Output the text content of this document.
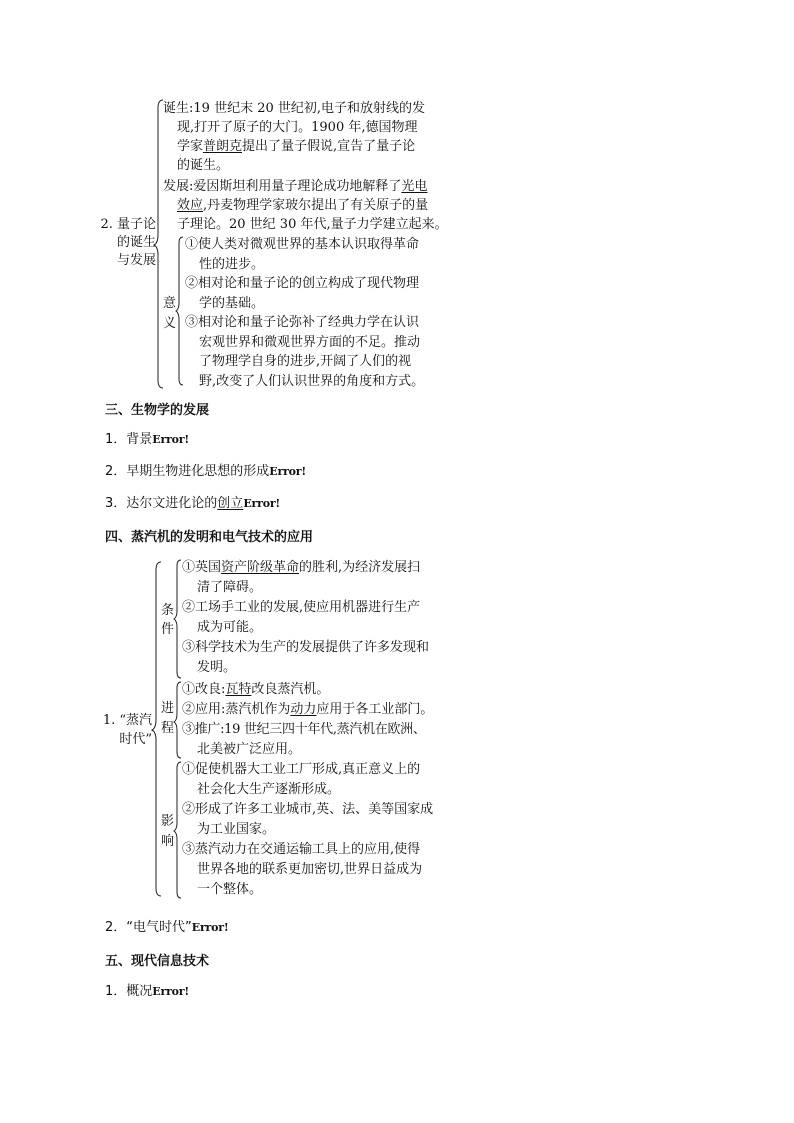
2. 量子论
的诞生
与发展
诞生:19 世纪末 20 世纪初,电子和放射线的发
现,打开了原子的大门。1900 年,德国物理
学家普朗克提出了量子假说,宣告了量子论
的诞生。
发展:爱因斯坦利用量子理论成功地解释了光电
效应,丹麦物理学家玻尔提出了有关原子的量
子理论。20 世纪 30 年代,量子力学建立起来。
意
义
①使人类对微观世界的基本认识取得革命
性的进步。
②相对论和量子论的创立构成了现代物理
学的基础。
③相对论和量子论弥补了经典力学在认识
宏观世界和微观世界方面的不足。推动
了物理学自身的进步,开阔了人们的视
野,改变了人们认识世界的角度和方式。
三、生物学的发展
1．背景Error!
2．早期生物进化思想的形成Error!
3．达尔文进化论的创立Error!
四、蒸汽机的发明和电气技术的应用
1. “蒸汽
时代”
条
件
①英国资产阶级革命的胜利,为经济发展扫
清了障碍。
②工场手工业的发展,使应用机器进行生产
成为可能。
③科学技术为生产的发展提供了许多发现和
发明。
进
程
①改良:瓦特改良蒸汽机。
②应用:蒸汽机作为动力应用于各工业部门。
③推广:19 世纪三四十年代,蒸汽机在欧洲、
北美被广泛应用。
影
响
①促使机器大工业工厂形成,真正意义上的
社会化大生产逐渐形成。
②形成了许多工业城市,英、法、美等国家成
为工业国家。
③蒸汽动力在交通运输工具上的应用,使得
世界各地的联系更加密切,世界日益成为
一个整体。
2．“电气时代”Error!
五、现代信息技术
1．概况Error!
